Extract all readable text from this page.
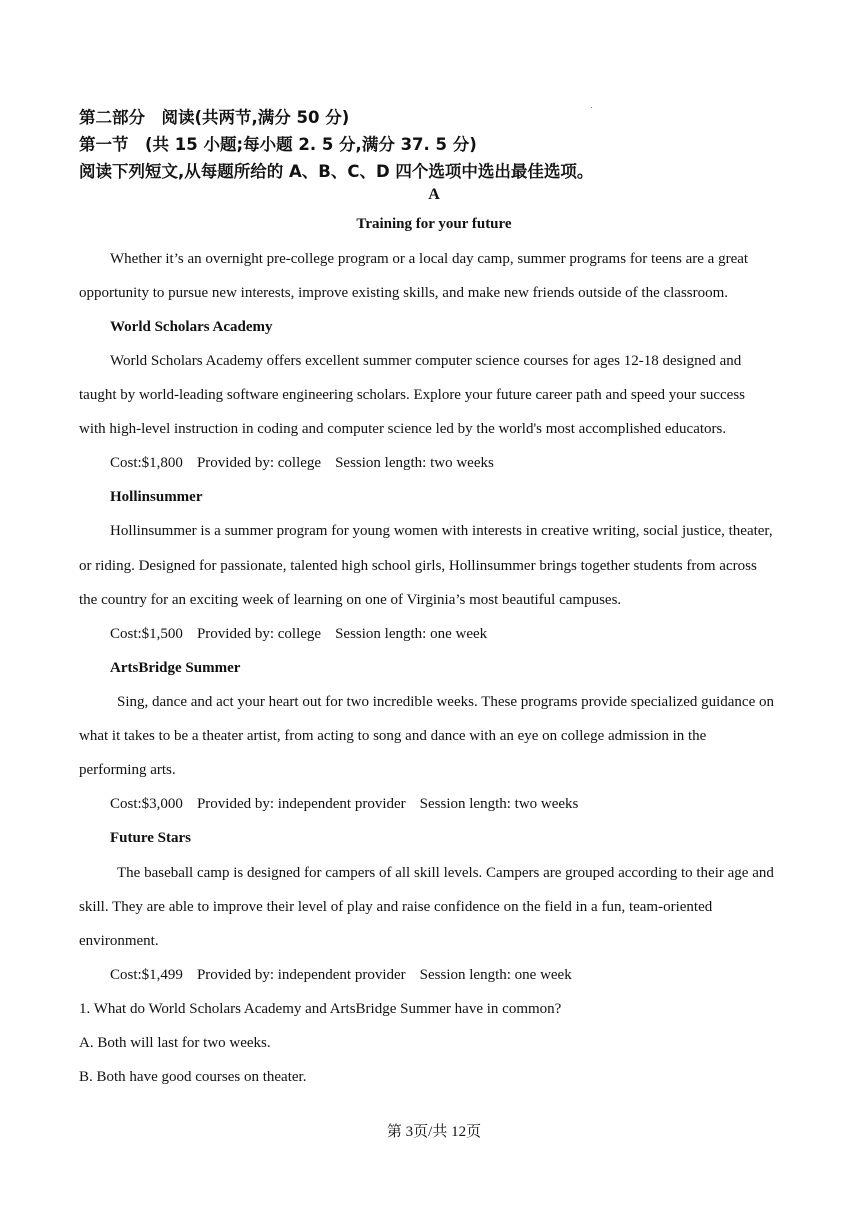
第二部分　阅读(共两节,满分 50 分)
第一节　(共 15 小题;每小题 2. 5 分,满分 37. 5 分)
阅读下列短文,从每题所给的 A、B、C、D 四个选项中选出最佳选项。
A
Training for your future
Whether it’s an overnight pre-college program or a local day camp, summer programs for teens are a great
opportunity to pursue new interests, improve existing skills, and make new friends outside of the classroom.
World Scholars Academy
World Scholars Academy offers excellent summer computer science courses for ages 12-18 designed and
taught by world-leading software engineering scholars. Explore your future career path and speed your success
with high-level instruction in coding and computer science led by the world's most accomplished educators.
Cost:$1,800 Provided by: college Session length: two weeks
Hollinsummer
Hollinsummer is a summer program for young women with interests in creative writing, social justice, theater,
or riding. Designed for passionate, talented high school girls, Hollinsummer brings together students from across
the country for an exciting week of learning on one of Virginia’s most beautiful campuses.
Cost:$1,500 Provided by: college Session length: one week
ArtsBridge Summer
Sing, dance and act your heart out for two incredible weeks. These programs provide specialized guidance on
what it takes to be a theater artist, from acting to song and dance with an eye on college admission in the
performing arts.
Cost:$3,000 Provided by: independent provider Session length: two weeks
Future Stars
The baseball camp is designed for campers of all skill levels. Campers are grouped according to their age and
skill. They are able to improve their level of play and raise confidence on the field in a fun, team-oriented
environment.
Cost:$1,499 Provided by: independent provider Session length: one week
1. What do World Scholars Academy and ArtsBridge Summer have in common?
A. Both will last for two weeks.
B. Both have good courses on theater.
第 3页/共 12页
